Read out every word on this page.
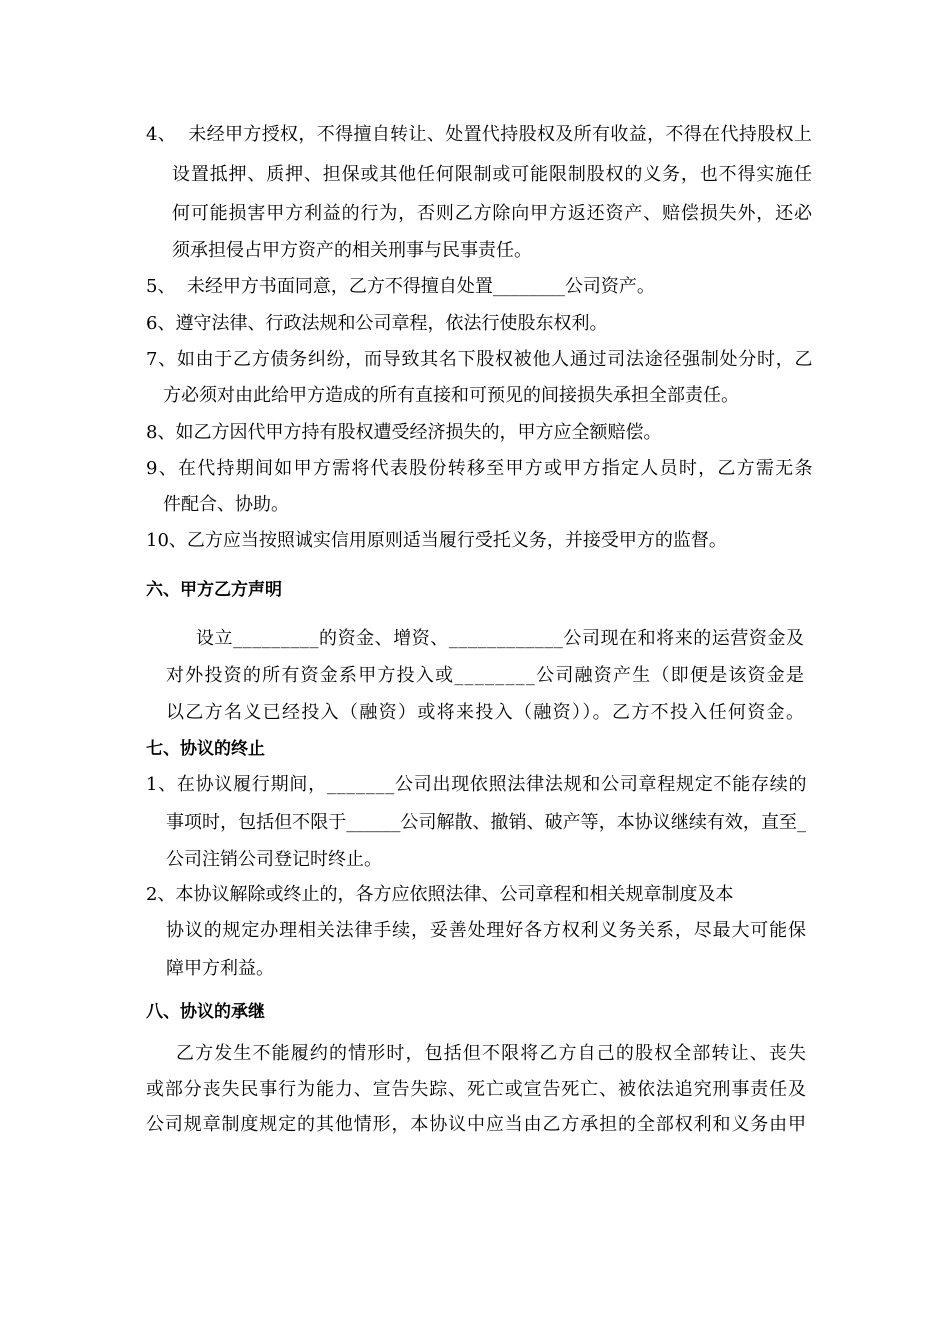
4、  未经甲方授权，不得擅自转让、处置代持股权及所有收益，不得在代持股权上
设置抵押、质押、担保或其他任何限制或可能限制股权的义务，也不得实施任
何可能损害甲方利益的行为，否则乙方除向甲方返还资产、赔偿损失外，还必
须承担侵占甲方资产的相关刑事与民事责任。
5、  未经甲方书面同意，乙方不得擅自处置________公司资产。
6、遵守法律、行政法规和公司章程，依法行使股东权利。
7、如由于乙方债务纠纷，而导致其名下股权被他人通过司法途径强制处分时，乙
方必须对由此给甲方造成的所有直接和可预见的间接损失承担全部责任。
8、如乙方因代甲方持有股权遭受经济损失的，甲方应全额赔偿。
9、在代持期间如甲方需将代表股份转移至甲方或甲方指定人员时，乙方需无条
件配合、协助。
10、乙方应当按照诚实信用原则适当履行受托义务，并接受甲方的监督。
六、甲方乙方声明
设立_________的资金、增资、____________公司现在和将来的运营资金及
对外投资的所有资金系甲方投入或________公司融资产生（即便是该资金是
以乙方名义已经投入（融资）或将来投入（融资））。乙方不投入任何资金。
七、协议的终止
1、在协议履行期间，_______公司出现依照法律法规和公司章程规定不能存续的
事项时，包括但不限于______公司解散、撤销、破产等，本协议继续有效，直至_
公司注销公司登记时终止。
2、本协议解除或终止的，各方应依照法律、公司章程和相关规章制度及本
协议的规定办理相关法律手续，妥善处理好各方权利义务关系，尽最大可能保
障甲方利益。
八、协议的承继
乙方发生不能履约的情形时，包括但不限将乙方自己的股权全部转让、丧失
或部分丧失民事行为能力、宣告失踪、死亡或宣告死亡、被依法追究刑事责任及
公司规章制度规定的其他情形，本协议中应当由乙方承担的全部权利和义务由甲
